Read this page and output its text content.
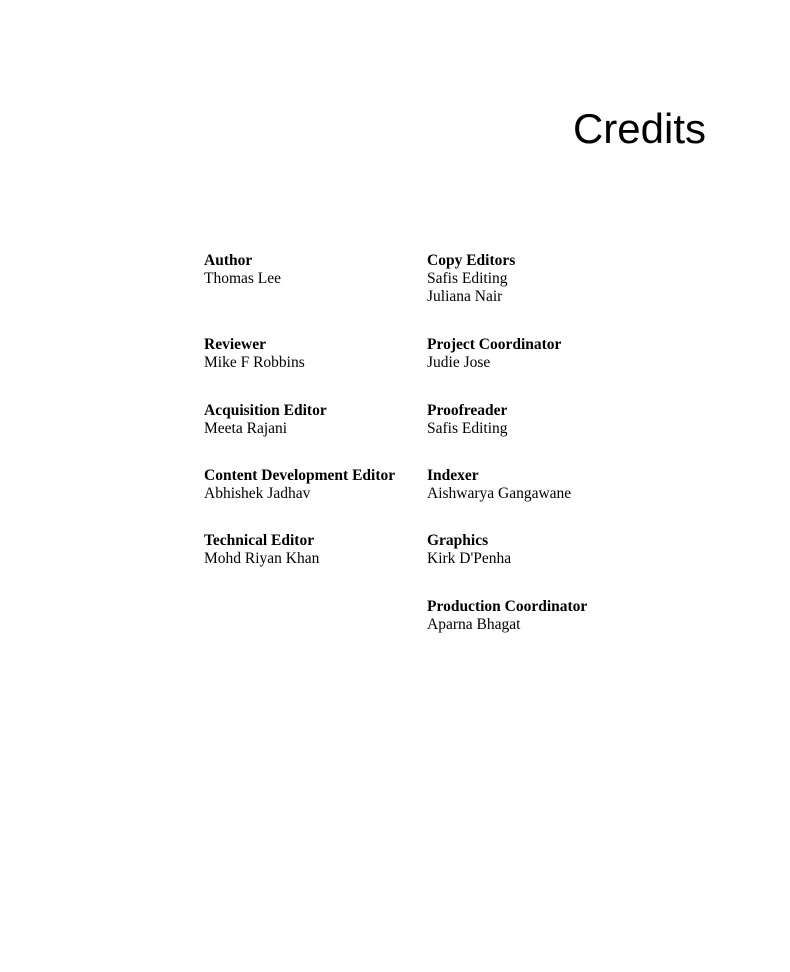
Credits
Author
Thomas Lee
Reviewer
Mike F Robbins
Acquisition Editor
Meeta Rajani
Content Development Editor
Abhishek Jadhav
Technical Editor
Mohd Riyan Khan
Copy Editors
Safis Editing
Juliana Nair
Project Coordinator
Judie Jose
Proofreader
Safis Editing
Indexer
Aishwarya Gangawane
Graphics
Kirk D'Penha
Production Coordinator
Aparna Bhagat
